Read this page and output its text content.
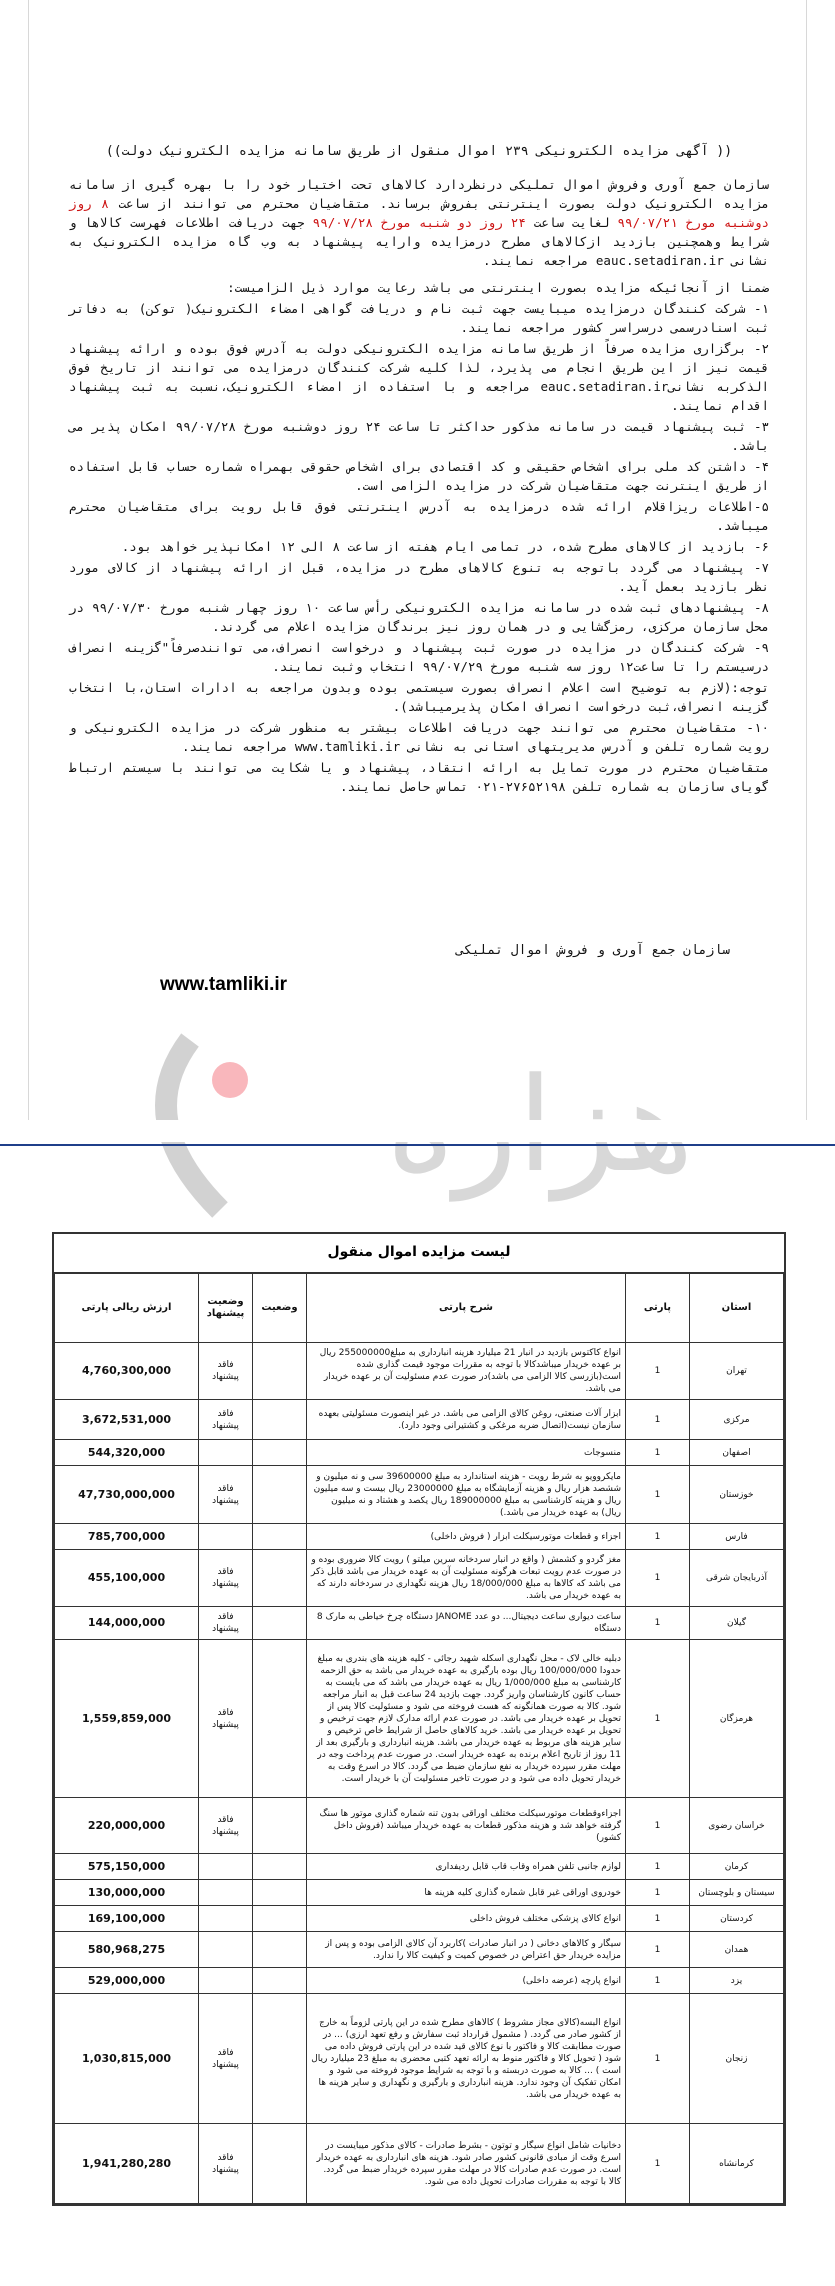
(( آگهی مزایده الکترونیکی ۲۳۹ اموال منقول از طریق سامانه مزایده الکترونیک دولت))
سازمان جمع آوری وفروش اموال تملیکی درنظردارد کالاهای تحت اختیار خود را با بهره گیری از سامانه مزایده الکترونیک دولت بصورت اینترنتی بفروش برساند. متقاضیان محترم می توانند از ساعت ۸ روز دوشنبه مورخ ۹۹/۰۷/۲۱ لغایت ساعت ۲۴ روز دو شنبه مورخ ۹۹/۰۷/۲۸ جهت دریافت اطلاعات فهرست کالاها و شرایط وهمچنین بازدید ازکالاهای مطرح درمزایده وارایه پیشنهاد به وب گاه مزایده الکترونیک به نشانی eauc.setadiran.ir مراجعه نمایند.
ضمنا از آنجائیکه مزایده بصورت اینترنتی می باشد رعایت موارد ذیل الزامیست:
۱- شرکت کنندگان درمزایده میبایست جهت ثبت نام و دریافت گواهی امضاء الکترونیک( توکن) به دفاتر ثبت اسنادرسمی درسراسر کشور مراجعه نمایند.
۲- برگزاری مزایده صرفاً از طریق سامانه مزایده الکترونیکی دولت به آدرس فوق بوده و ارائه پیشنهاد قیمت نیز از این طریق انجام می پذیرد، لذا کلیه شرکت کنندگان درمزایده می توانند از تاریخ فوق الذکربه نشانیeauc.setadiran.ir مراجعه و با استفاده از امضاء الکترونیک،نسبت به ثبت پیشنهاد اقدام نمایند.
۳- ثبت پیشنهاد قیمت در سامانه مذکور حداکثر تا ساعت ۲۴ روز دوشنبه مورخ ۹۹/۰۷/۲۸ امکان پذیر می باشد.
۴- داشتن کد ملی برای اشخاص حقیقی و کد اقتصادی برای اشخاص حقوقی بهمراه شماره حساب قابل استفاده از طریق اینترنت جهت متقاضیان شرکت در مزایده الزامی است.
۵-اطلاعات ریزاقلام ارائه شده درمزایده به آدرس اینترنتی فوق قابل رویت برای متقاضیان محترم میباشد.
۶- بازدید از کالاهای مطرح شده، در تمامی ایام هفته از ساعت ۸ الی ۱۲ امکانپذیر خواهد بود.
۷- پیشنهاد می گردد باتوجه به تنوع کالاهای مطرح در مزایده، قبل از ارائه پیشنهاد از کالای مورد نظر بازدید بعمل آید.
۸- پیشنهادهای ثبت شده در سامانه مزایده الکترونیکی رأس ساعت ۱۰ روز چهار شنبه مورخ ۹۹/۰۷/۳۰ در محل سازمان مرکزی، رمزگشایی و در همان روز نیز برندگان مزایده اعلام می گردند.
۹- شرکت کنندگان در مزایده در صورت ثبت پیشنهاد و درخواست انصراف،می توانندصرفاً"گزینه انصراف درسیستم را تا ساعت۱۲ روز سه شنبه مورخ ۹۹/۰۷/۲۹ انتخاب وثبت نمایند.
توجه:(لازم به توضیح است اعلام انصراف بصورت سیستمی بوده وبدون مراجعه به ادارات استان،با انتخاب گزینه انصراف،ثبت درخواست انصراف امکان پذیرمیباشد).
۱۰- متقاضیان محترم می توانند جهت دریافت اطلاعات بیشتر به منظور شرکت در مزایده الکترونیکی و رویت شماره تلفن و آدرس مدیریتهای استانی به نشانی www.tamliki.ir مراجعه نمایند.
متقاضیان محترم در مورت تمایل به ارائه انتقاد، پیشنهاد و یا شکایت می توانند با سیستم ارتباط گویای سازمان به شماره تلفن ۲۷۶۵۲۱۹۸-۰۲۱ تماس حاصل نمایند.
سازمان جمع آوری و فروش اموال تملیکی
www.tamliki.ir
لیست مزایده اموال منقول
استان	پارتی	شرح پارتی	وضعیت	وضعیت پیشنهاد	ارزش ریالی پارتی
تهران	1	انواع کاکتوس بازدید در انبار 21 میلیارد هزینه انبارداری به مبلغ255000000 ریال بر عهده خریدار میباشدکالا با توجه به مقررات موجود قیمت گذاری شده است(بازرسی کالا الزامی می باشد)در صورت عدم مسئولیت آن بر عهده خریدار می باشد.		فاقد پیشنهاد	4,760,300,000
مرکزی	1	ابزار آلات صنعتی، روغن کالای الزامی می باشد. در غیر اینصورت مسئولیتی بعهده سازمان نیست(اتصال ضربه مرغکی و کشتیرانی وجود دارد).		فاقد پیشنهاد	3,672,531,000
اصفهان	1	منسوجات			544,320,000
خوزستان	1	مایکروویو به شرط رویت - هزینه استاندارد به مبلغ 39600000 سی و نه میلیون و ششصد هزار ریال و هزینه آزمایشگاه به مبلغ 23000000 ریال بیست و سه میلیون ریال و هزینه کارشناسی به مبلغ 189000000 ریال یکصد و هشتاد و نه میلیون ریال) به عهده خریدار می باشد.)		فاقد پیشنهاد	47,730,000,000
فارس	1	اجزاء و قطعات موتورسیکلت ابزار ( فروش داخلی)			785,700,000
آذربایجان شرقی	1	مغز گردو و کشمش ( واقع در انبار سردخانه سرین میلتو ) رویت کالا ضروری بوده و در صورت عدم رویت تبعات هرگونه مسئولیت آن به عهده خریدار می باشد قابل ذکر می باشد که کالاها به مبلغ 18/000/000 ریال هزینه نگهداری در سردخانه دارند که به عهده خریدار می باشد.		فاقد پیشنهاد	455,100,000
گیلان	1	ساعت دیواری ساعت دیجیتال... دو عدد JANOME دستگاه چرخ خیاطی به مارک 8 دستگاه		فاقد پیشنهاد	144,000,000
هرمزگان	1	دبلیه خالی لاک - محل نگهداری اسکله شهید رجائی - کلیه هزینه های بندری به مبلغ حدودا 100/000/000 ریال بوده بارگیری به عهده خریدار می باشد به حق الزحمه کارشناسی به مبلغ 1/000/000 ریال به عهده خریدار می باشد که می بایست به حساب کانون کارشناسان واریز گردد. جهت بازدید 24 ساعت قبل به انبار مراجعه شود. کالا به صورت همانگونه که هست فروخته می شود و مسئولیت کالا پس از تحویل بر عهده خریدار می باشد. در صورت عدم ارائه مدارک لازم جهت ترخیص و تحویل بر عهده خریدار می باشد. خرید کالاهای حاصل از شرایط خاص ترخیص و سایر هزینه های مربوط به عهده خریدار می باشد. هزینه انبارداری و بارگیری بعد از 11 روز از تاریخ اعلام برنده به عهده خریدار است. در صورت عدم پرداخت وجه در مهلت مقرر سپرده خریدار به نفع سازمان ضبط می گردد. کالا در اسرع وقت به خریدار تحویل داده می شود و در صورت تاخیر مسئولیت آن با خریدار است.		فاقد پیشنهاد	1,559,859,000
خراسان رضوی	1	اجزاءوقطعات موتورسیکلت مختلف اوراقی بدون تنه شماره گذاری موتور ها سنگ گرفته خواهد شد و هزینه مذکور قطعات به عهده خریدار میباشد (فروش داخل کشور)		فاقد پیشنهاد	220,000,000
کرمان	1	لوازم جانبی تلفن همراه وقاب قاب قابل ردیفداری			575,150,000
سیستان و بلوچستان	1	خودروی اوراقی غیر قابل شماره گذاری کلیه هزینه ها			130,000,000
کردستان	1	انواع کالای پزشکی مختلف فروش داخلی			169,100,000
همدان	1	سیگار و کالاهای دخانی ( در انبار صادرات )کاربرد آن کالای الزامی بوده و پس از مزایده خریدار حق اعتراض در خصوص کمیت و کیفیت کالا را ندارد.			580,968,275
یزد	1	انواع پارچه (عرضه داخلی)			529,000,000
زنجان	1	انواع البسه(کالای مجاز مشروط ) کالاهای مطرح شده در این پارتی لزوماً به خارج از کشور صادر می گردد. ( مشمول قرارداد ثبت سفارش و رفع تعهد ارزی) ... در صورت مطابقت کالا و فاکتور با نوع کالای قید شده در این پارتی فروش داده می شود ( تحویل کالا و فاکتور منوط به ارائه تعهد کتبی محضری به مبلغ 23 میلیارد ریال است ) ... کالا به صورت دربسته و با توجه به شرایط موجود فروخته می شود و امکان تفکیک آن وجود ندارد. هزینه انبارداری و بارگیری و نگهداری و سایر هزینه ها به عهده خریدار می باشد.		فاقد پیشنهاد	1,030,815,000
کرمانشاه	1	دخانیات شامل انواع سیگار و توتون - بشرط صادرات - کالای مذکور میبایست در اسرع وقت از مبادی قانونی کشور صادر شود. هزینه های انبارداری به عهده خریدار است. در صورت عدم صادرات کالا در مهلت مقرر سپرده خریدار ضبط می گردد. کالا با توجه به مقررات صادرات تحویل داده می شود.		فاقد پیشنهاد	1,941,280,280
